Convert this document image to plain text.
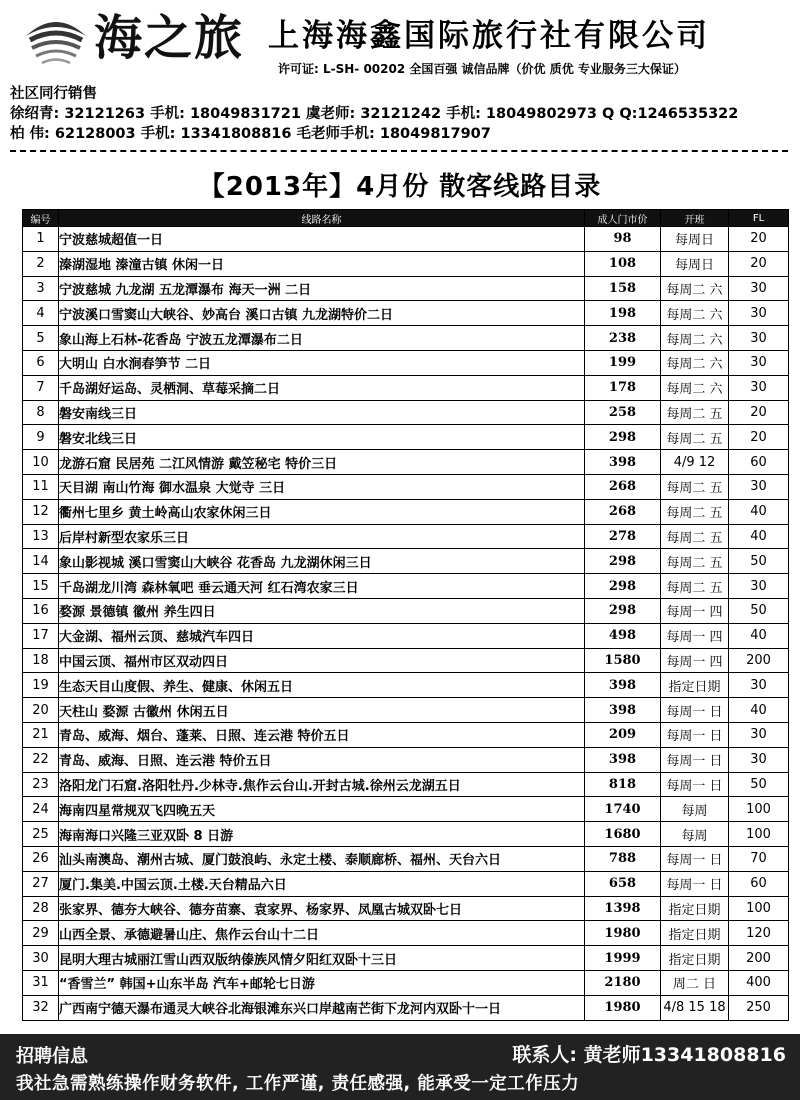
海之旅 上海海鑫国际旅行社有限公司
许可证: L-SH- 00202 全国百强 诚信品牌（价优 质优 专业服务三大保证）
社区同行销售
徐绍青: 32121263 手机: 18049831721 虞老师: 32121242 手机: 18049802973 Q Q:1246535322
柏 伟: 62128003 手机: 13341808816 毛老师手机: 18049817907
【2013年】4月份 散客线路目录
编号	线路名称	成人门市价	开班	FL
1	宁波慈城超值一日	98	每周日	20
2	溱湖湿地 溱潼古镇 休闲一日	108	每周日	20
3	宁波慈城 九龙湖 五龙潭瀑布 海天一洲 二日	158	每周二 六	30
4	宁波溪口雪窦山大峡谷、妙高台 溪口古镇 九龙湖特价二日	198	每周二 六	30
5	象山海上石林-花香岛 宁波五龙潭瀑布二日	238	每周二 六	30
6	大明山 白水涧春笋节 二日	199	每周二 六	30
7	千岛湖好运岛、灵栖洞、草莓采摘二日	178	每周二 六	30
8	磐安南线三日	258	每周二 五	20
9	磐安北线三日	298	每周二 五	20
10	龙游石窟 民居苑 二江风情游 戴笠秘宅 特价三日	398	4/9 12	60
11	天目湖 南山竹海 御水温泉 大觉寺 三日	268	每周二 五	30
12	衢州七里乡 黄土岭高山农家休闲三日	268	每周二 五	40
13	后岸村新型农家乐三日	278	每周二 五	40
14	象山影视城 溪口雪窦山大峡谷 花香岛 九龙湖休闲三日	298	每周二 五	50
15	千岛湖龙川湾 森林氧吧 垂云通天河 红石湾农家三日	298	每周二 五	30
16	婺源 景德镇 徽州 养生四日	298	每周一 四	50
17	大金湖、福州云顶、慈城汽车四日	498	每周一 四	40
18	中国云顶、福州市区双动四日	1580	每周一 四	200
19	生态天目山度假、养生、健康、休闲五日	398	指定日期	30
20	天柱山 婺源 古徽州 休闲五日	398	每周一 日	40
21	青岛、威海、烟台、蓬莱、日照、连云港 特价五日	209	每周一 日	30
22	青岛、威海、日照、连云港 特价五日	398	每周一 日	30
23	洛阳龙门石窟.洛阳牡丹.少林寺.焦作云台山.开封古城.徐州云龙湖五日	818	每周一 日	50
24	海南四星常规双飞四晚五天	1740	每周	100
25	海南海口兴隆三亚双卧 8 日游	1680	每周	100
26	汕头南澳岛、潮州古城、厦门鼓浪屿、永定土楼、泰顺廊桥、福州、天台六日	788	每周一 日	70
27	厦门.集美.中国云顶.土楼.天台精品六日	658	每周一 日	60
28	张家界、德夯大峡谷、德夯苗寨、袁家界、杨家界、凤凰古城双卧七日	1398	指定日期	100
29	山西全景、承德避暑山庄、焦作云台山十二日	1980	指定日期	120
30	昆明大理古城丽江雪山西双版纳傣族风情夕阳红双卧十三日	1999	指定日期	200
31	“香雪兰” 韩国+山东半岛 汽车+邮轮七日游	2180	周二 日	400
32	广西南宁德天瀑布通灵大峡谷北海银滩东兴口岸越南芒街下龙河内双卧十一日	1980	4/8 15 18	250
招聘信息	联系人: 黄老师13341808816
我社急需熟练操作财务软件, 工作严谨, 责任感强, 能承受一定工作压力
